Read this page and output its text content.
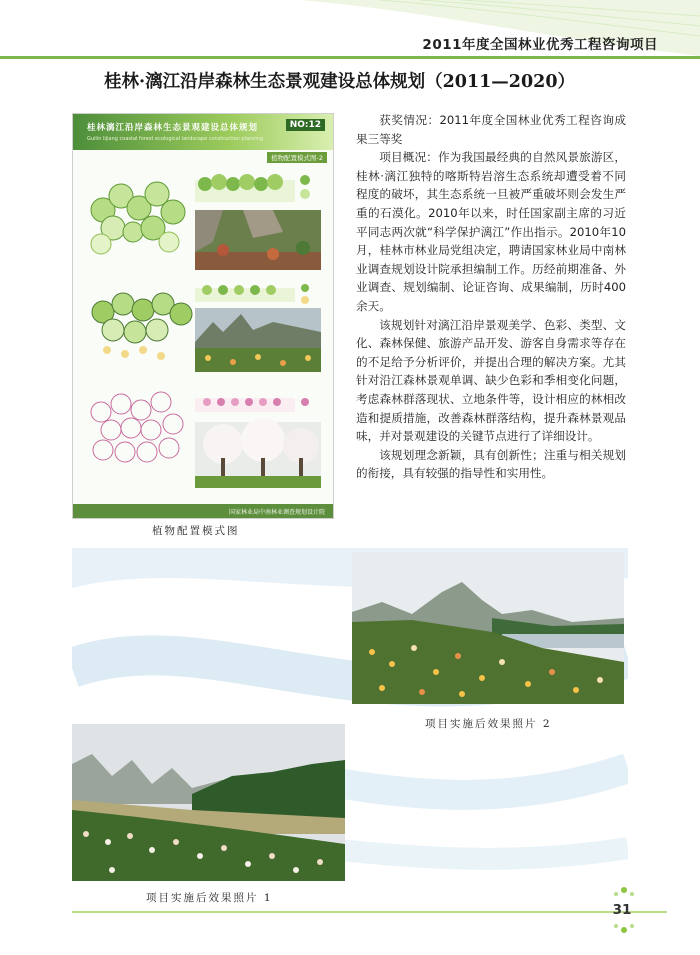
2011年度全国林业优秀工程咨询项目
桂林·漓江沿岸森林生态景观建设总体规划（2011—2020）
桂林漓江沿岸森林生态景观建设总体规划
Guilin lijiang coastal forest ecological landscape construction planning
NO:12
植物配置模式图-2
国家林业局中南林业调查规划设计院
植物配置模式图

获奖情况：2011年度全国林业优秀工程咨询成果三等奖

项目概况：作为我国最经典的自然风景旅游区，桂林·漓江独特的喀斯特岩溶生态系统却遭受着不同程度的破坏，其生态系统一旦被严重破坏则会发生严重的石漠化。2010年以来，时任国家副主席的习近平同志两次就“科学保护漓江”作出指示。2010年10月，桂林市林业局党组决定，聘请国家林业局中南林业调查规划设计院承担编制工作。历经前期准备、外业调查、规划编制、论证咨询、成果编制，历时400余天。

该规划针对漓江沿岸景观美学、色彩、类型、文化、森林保健、旅游产品开发、游客自身需求等存在的不足给予分析评价，并提出合理的解决方案。尤其针对沿江森林景观单调、缺少色彩和季相变化问题，考虑森林群落现状、立地条件等，设计相应的林相改造和提质措施，改善森林群落结构，提升森林景观品味，并对景观建设的关键节点进行了详细设计。

该规划理念新颖，具有创新性；注重与相关规划的衔接，具有较强的指导性和实用性。

项目实施后效果照片 2
项目实施后效果照片 1
31
